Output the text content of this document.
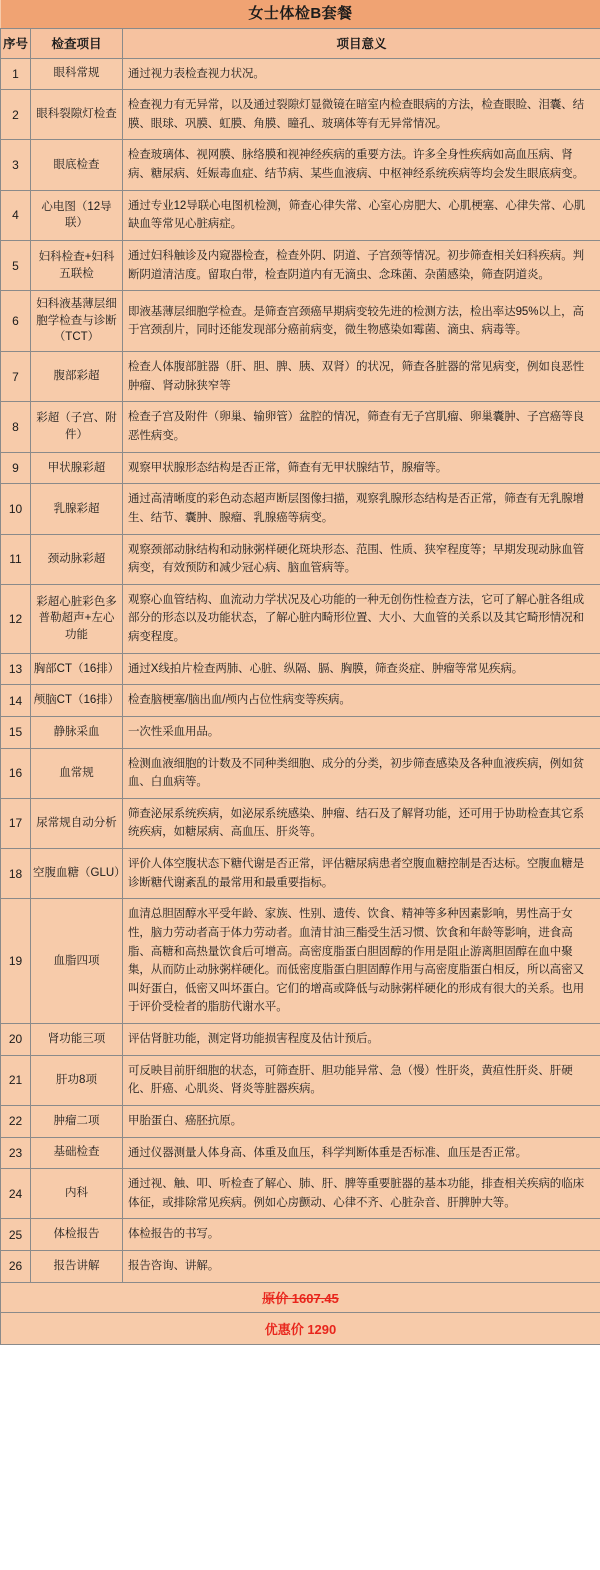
女士体检B套餐		
序号	检查项目	项目意义
1	眼科常规	通过视力表检查视力状况。
2	眼科裂隙灯检查	检查视力有无异常，以及通过裂隙灯显微镜在暗室内检查眼病的方法，检查眼睑、泪囊、结膜、眼球、巩膜、虹膜、角膜、瞳孔、玻璃体等有无异常情况。
3	眼底检查	检查玻璃体、视网膜、脉络膜和视神经疾病的重要方法。许多全身性疾病如高血压病、肾病、糖尿病、妊娠毒血症、结节病、某些血液病、中枢神经系统疾病等均会发生眼底病变。
4	心电图（12导联）	通过专业12导联心电图机检测，筛查心律失常、心室心房肥大、心肌梗塞、心律失常、心肌缺血等常见心脏病症。
5	妇科检查+妇科五联检	通过妇科触诊及内窥器检查，检查外阴、阴道、子宫颈等情况。初步筛查相关妇科疾病。判断阴道清洁度。留取白带，检查阴道内有无滴虫、念珠菌、杂菌感染，筛查阴道炎。
6	妇科液基薄层细胞学检查与诊断（TCT）	即液基薄层细胞学检查。是筛查宫颈癌早期病变较先进的检测方法，检出率达95%以上，高于宫颈刮片，同时还能发现部分癌前病变，微生物感染如霉菌、滴虫、病毒等。
7	腹部彩超	检查人体腹部脏器（肝、胆、脾、胰、双肾）的状况，筛查各脏器的常见病变，例如良恶性肿瘤、肾动脉狭窄等
8	彩超（子宫、附件）	检查子宫及附件（卵巢、输卵管）盆腔的情况，筛查有无子宫肌瘤、卵巢囊肿、子宫癌等良恶性病变。
9	甲状腺彩超	观察甲状腺形态结构是否正常，筛查有无甲状腺结节，腺瘤等。
10	乳腺彩超	通过高清晰度的彩色动态超声断层图像扫描，观察乳腺形态结构是否正常，筛查有无乳腺增生、结节、囊肿、腺瘤、乳腺癌等病变。
11	颈动脉彩超	观察颈部动脉结构和动脉粥样硬化斑块形态、范围、性质、狭窄程度等；早期发现动脉血管病变，有效预防和减少冠心病、脑血管病等。
12	彩超心脏彩色多普勒超声+左心功能	观察心血管结构、血流动力学状况及心功能的一种无创伤性检查方法，它可了解心脏各组成部分的形态以及功能状态，了解心脏内畸形位置、大小、大血管的关系以及其它畸形情况和病变程度。
13	胸部CT（16排）	通过X线拍片检查两肺、心脏、纵隔、膈、胸膜，筛查炎症、肿瘤等常见疾病。
14	颅脑CT（16排）	检查脑梗塞/脑出血/颅内占位性病变等疾病。
15	静脉采血	一次性采血用品。
16	血常规	检测血液细胞的计数及不同种类细胞、成分的分类，初步筛查感染及各种血液疾病，例如贫血、白血病等。
17	尿常规自动分析	筛查泌尿系统疾病，如泌尿系统感染、肿瘤、结石及了解肾功能，还可用于协助检查其它系统疾病，如糖尿病、高血压、肝炎等。
18	空腹血糖（GLU）	评价人体空腹状态下糖代谢是否正常，评估糖尿病患者空腹血糖控制是否达标。空腹血糖是诊断糖代谢紊乱的最常用和最重要指标。
19	血脂四项	血清总胆固醇水平受年龄、家族、性别、遗传、饮食、精神等多种因素影响，男性高于女性，脑力劳动者高于体力劳动者。血清甘油三酯受生活习惯、饮食和年龄等影响，进食高脂、高糖和高热量饮食后可增高。高密度脂蛋白胆固醇的作用是阻止游离胆固醇在血中聚集，从而防止动脉粥样硬化。而低密度脂蛋白胆固醇作用与高密度脂蛋白相反，所以高密又叫好蛋白，低密又叫坏蛋白。它们的增高或降低与动脉粥样硬化的形成有很大的关系。也用于评价受检者的脂肪代谢水平。
20	肾功能三项	评估肾脏功能，测定肾功能损害程度及估计预后。
21	肝功8项	可反映目前肝细胞的状态，可筛查肝、胆功能异常、急（慢）性肝炎，黄疸性肝炎、肝硬化、肝癌、心肌炎、肾炎等脏器疾病。
22	肿瘤二项	甲胎蛋白、癌胚抗原。
23	基础检查	通过仪器测量人体身高、体重及血压，科学判断体重是否标准、血压是否正常。
24	内科	通过视、触、叩、听检查了解心、肺、肝、脾等重要脏器的基本功能，排查相关疾病的临床体征，或排除常见疾病。例如心房颤动、心律不齐、心脏杂音、肝脾肿大等。
25	体检报告	体检报告的书写。
26	报告讲解	报告咨询、讲解。
原价 1607.45		
优惠价 1290		
